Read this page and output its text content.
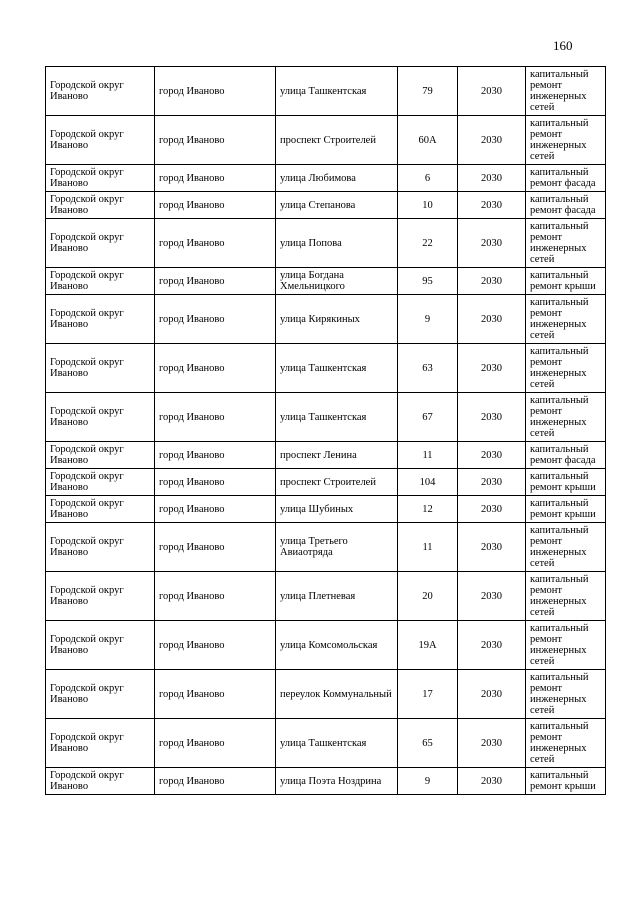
160
Городской округ Иваново	город Иваново	улица Ташкентская	79	2030	капитальный ремонт инженерных сетей
Городской округ Иваново	город Иваново	проспект Строителей	60А	2030	капитальный ремонт инженерных сетей
Городской округ Иваново	город Иваново	улица Любимова	6	2030	капитальный ремонт фасада
Городской округ Иваново	город Иваново	улица Степанова	10	2030	капитальный ремонт фасада
Городской округ Иваново	город Иваново	улица Попова	22	2030	капитальный ремонт инженерных сетей
Городской округ Иваново	город Иваново	улица Богдана Хмельницкого	95	2030	капитальный ремонт крыши
Городской округ Иваново	город Иваново	улица Кирякиных	9	2030	капитальный ремонт инженерных сетей
Городской округ Иваново	город Иваново	улица Ташкентская	63	2030	капитальный ремонт инженерных сетей
Городской округ Иваново	город Иваново	улица Ташкентская	67	2030	капитальный ремонт инженерных сетей
Городской округ Иваново	город Иваново	проспект Ленина	11	2030	капитальный ремонт фасада
Городской округ Иваново	город Иваново	проспект Строителей	104	2030	капитальный ремонт крыши
Городской округ Иваново	город Иваново	улица Шубиных	12	2030	капитальный ремонт крыши
Городской округ Иваново	город Иваново	улица Третьего Авиаотряда	11	2030	капитальный ремонт инженерных сетей
Городской округ Иваново	город Иваново	улица Плетневая	20	2030	капитальный ремонт инженерных сетей
Городской округ Иваново	город Иваново	улица Комсомольская	19А	2030	капитальный ремонт инженерных сетей
Городской округ Иваново	город Иваново	переулок Коммунальный	17	2030	капитальный ремонт инженерных сетей
Городской округ Иваново	город Иваново	улица Ташкентская	65	2030	капитальный ремонт инженерных сетей
Городской округ Иваново	город Иваново	улица Поэта Ноздрина	9	2030	капитальный ремонт крыши
